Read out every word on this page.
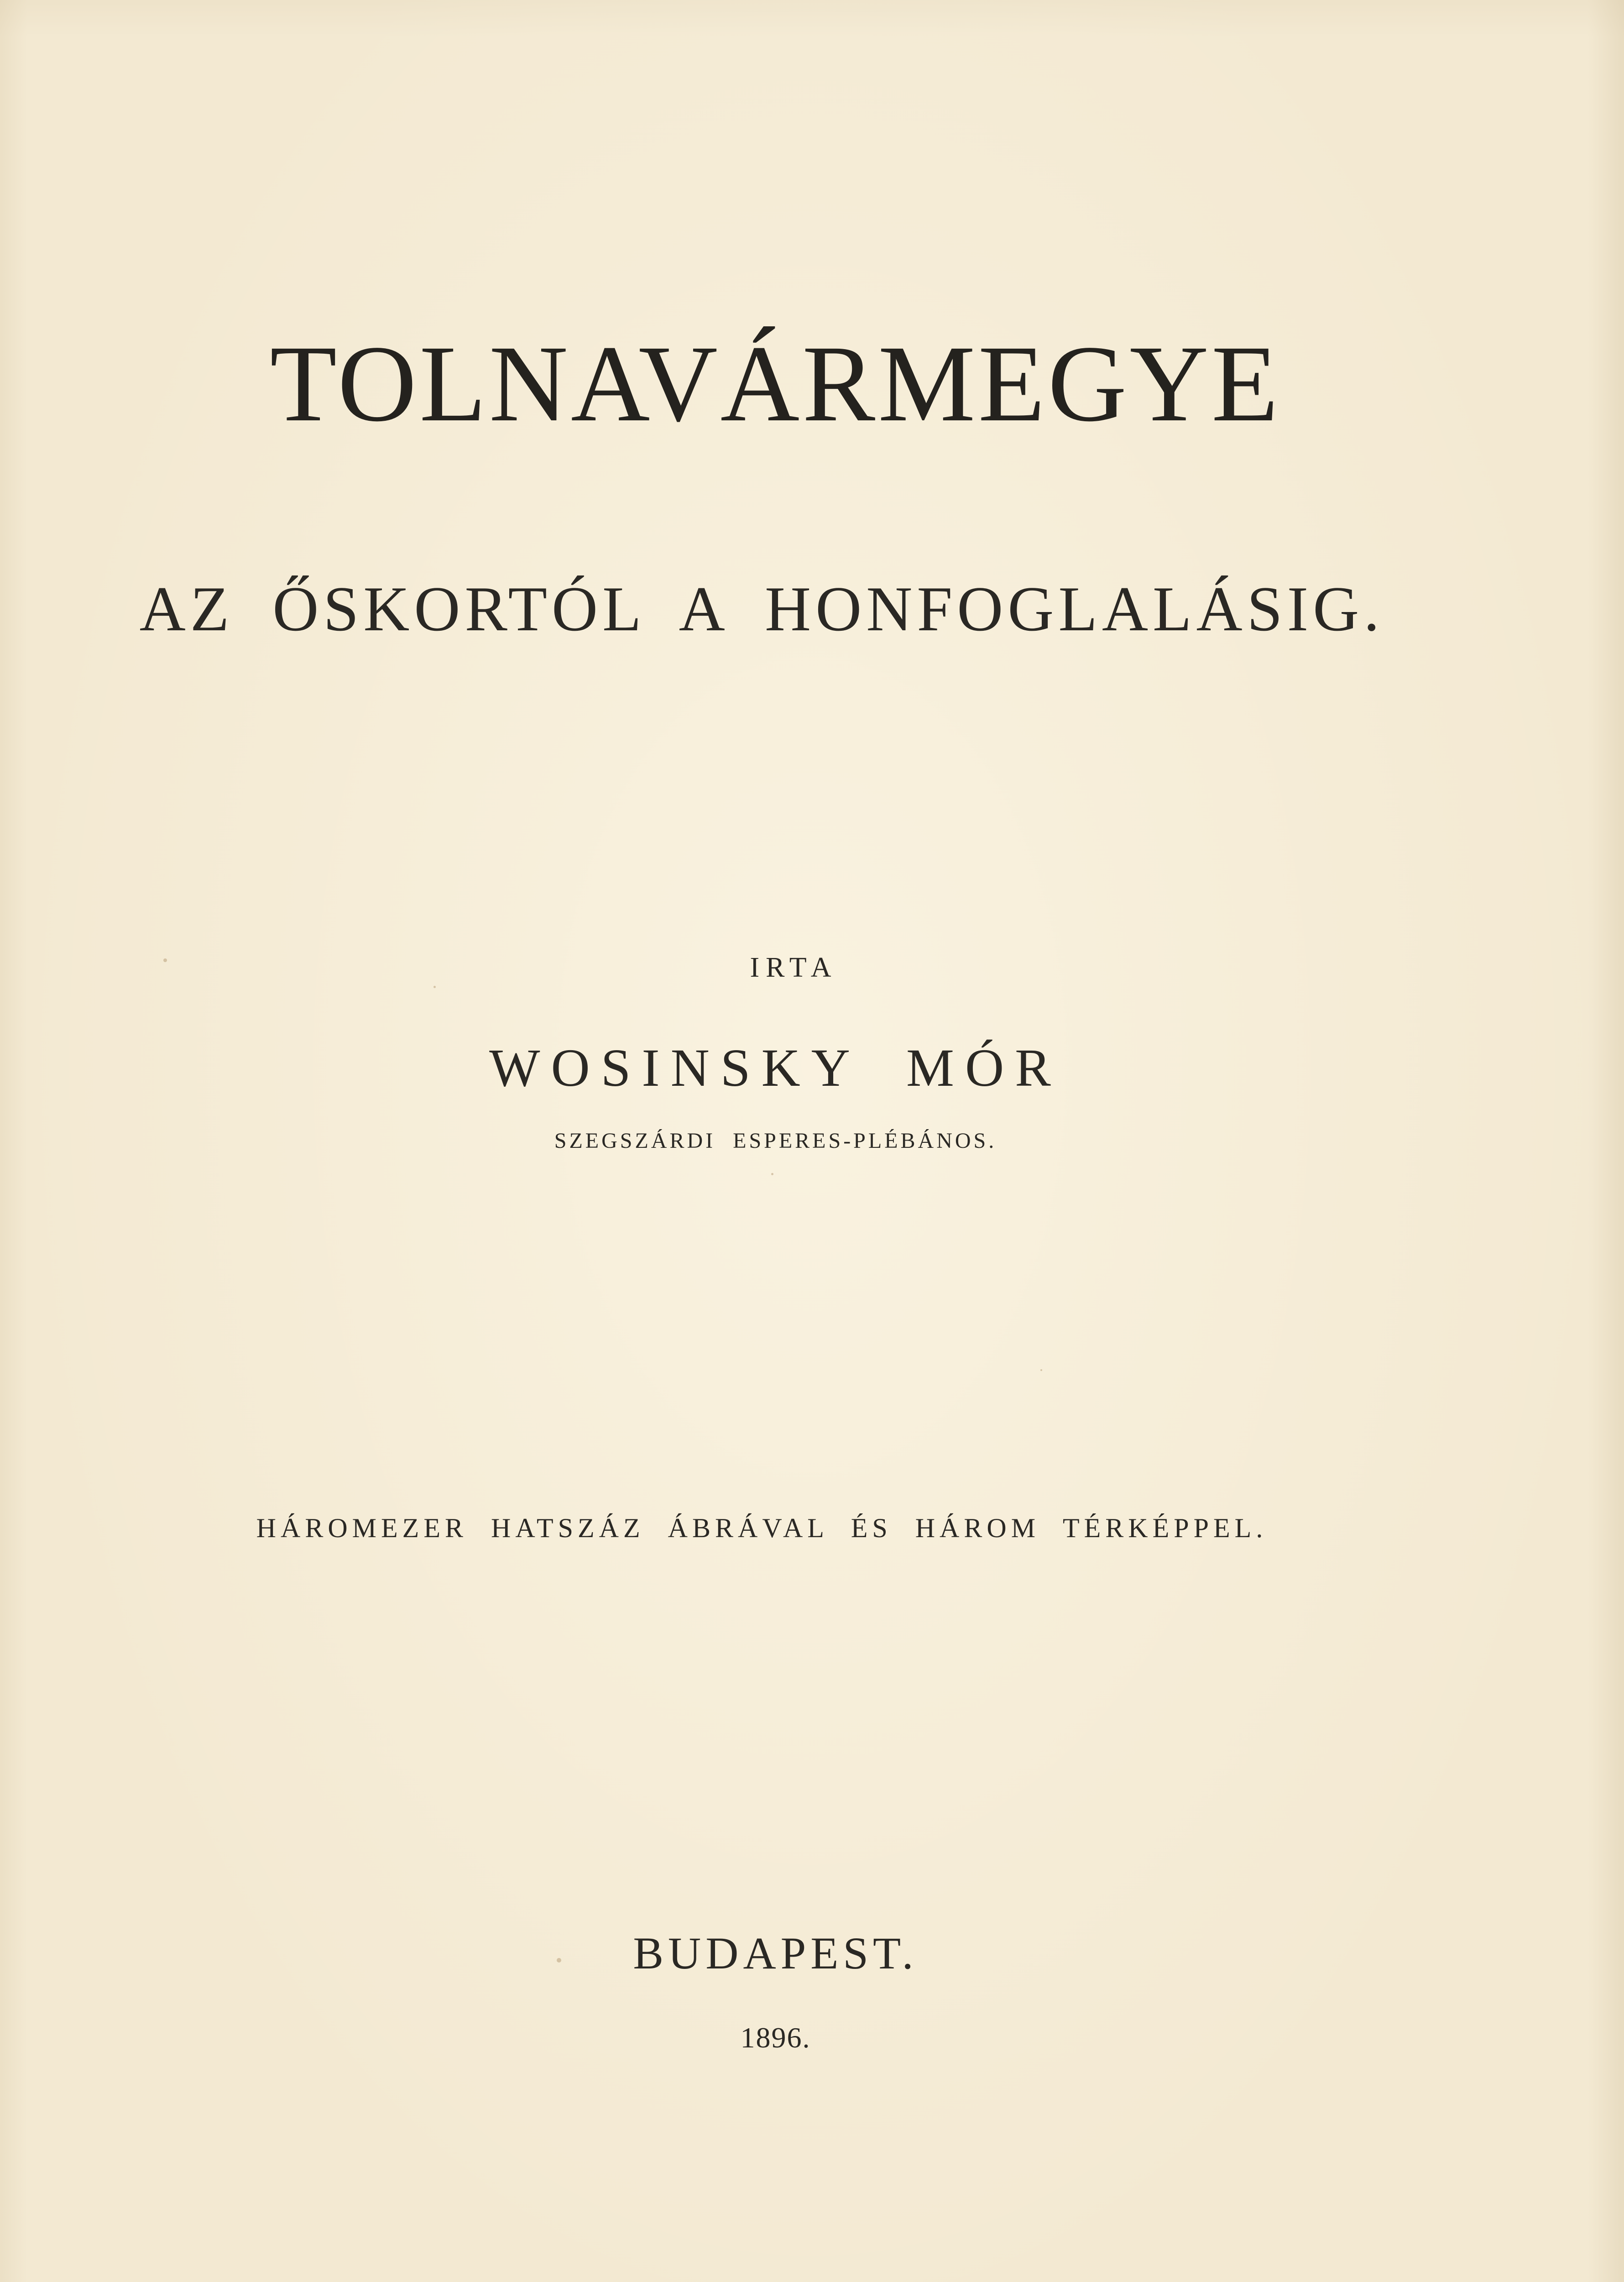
TOLNAVÁRMEGYE
AZ ŐSKORTÓL A HONFOGLALÁSIG.
IRTA
WOSINSKY MÓR
SZEGSZÁRDI ESPERES-PLÉBÁNOS.
HÁROMEZER HATSZÁZ ÁBRÁVAL ÉS HÁROM TÉRKÉPPEL.
BUDAPEST.
1896.
